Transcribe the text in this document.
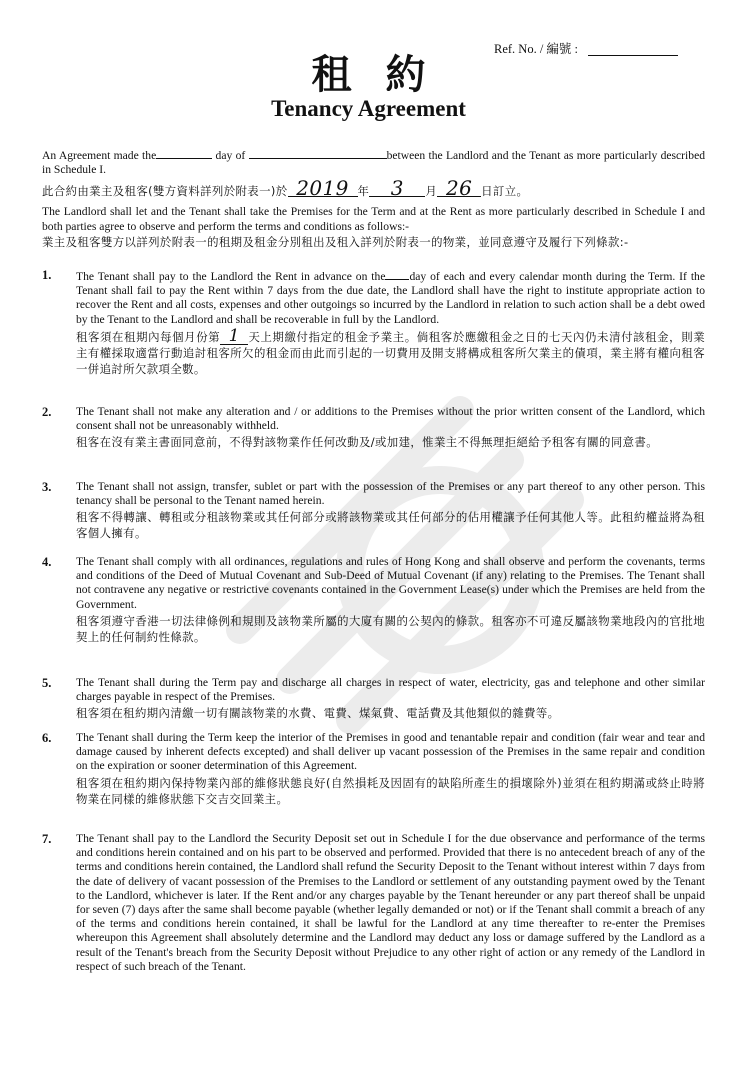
Ref. No. / 編號 :
租約
Tenancy Agreement

An Agreement made the	day of	between the Landlord and the Tenant as more particularly described in Schedule I.

此合約由業主及租客(雙方資料詳列於附表一)於 2019 年 3 月 26 日訂立。

The Landlord shall let and the Tenant shall take the Premises for the Term and at the Rent as more particularly described in Schedule I and both parties agree to observe and perform the terms and conditions as follows:-

業主及租客雙方以詳列於附表一的租期及租金分別租出及租入詳列於附表一的物業，並同意遵守及履行下列條款:-

1. The Tenant shall pay to the Landlord the Rent in advance on the day of each and every calendar month during the Term. If the Tenant shall fail to pay the Rent within 7 days from the due date, the Landlord shall have the right to institute appropriate action to recover the Rent and all costs, expenses and other outgoings so incurred by the Landlord in relation to such action shall be a debt owed by the Tenant to the Landlord and shall be recoverable in full by the Landlord.

租客須在租期內每個月份第 1 天上期繳付指定的租金予業主。倘租客於應繳租金之日的七天內仍未清付該租金，則業主有權採取適當行動追討租客所欠的租金而由此而引起的一切費用及開支將構成租客所欠業主的債項，業主將有權向租客一併追討所欠款項全數。

2. The Tenant shall not make any alteration and / or additions to the Premises without the prior written consent of the Landlord, which consent shall not be unreasonably withheld.

租客在沒有業主書面同意前，不得對該物業作任何改動及/或加建，惟業主不得無理拒絕給予租客有關的同意書。

3. The Tenant shall not assign, transfer, sublet or part with the possession of the Premises or any part thereof to any other person. This tenancy shall be personal to the Tenant named herein.

租客不得轉讓、轉租或分租該物業或其任何部分或將該物業或其任何部分的佔用權讓予任何其他人等。此租約權益將為租客個人擁有。

4. The Tenant shall comply with all ordinances, regulations and rules of Hong Kong and shall observe and perform the covenants, terms and conditions of the Deed of Mutual Covenant and Sub-Deed of Mutual Covenant (if any) relating to the Premises. The Tenant shall not contravene any negative or restrictive covenants contained in the Government Lease(s) under which the Premises are held from the Government.

租客須遵守香港一切法律條例和規則及該物業所屬的大廈有關的公契內的條款。租客亦不可違反屬該物業地段內的官批地契上的任何制約性條款。

5. The Tenant shall during the Term pay and discharge all charges in respect of water, electricity, gas and telephone and other similar charges payable in respect of the Premises.

租客須在租約期內清繳一切有關該物業的水費、電費、煤氣費、電話費及其他類似的雜費等。

6. The Tenant shall during the Term keep the interior of the Premises in good and tenantable repair and condition (fair wear and tear and damage caused by inherent defects excepted) and shall deliver up vacant possession of the Premises in the same repair and condition on the expiration or sooner determination of this Agreement.

租客須在租約期內保持物業內部的維修狀態良好(自然損耗及因固有的缺陷所產生的損壞除外)並須在租約期滿或終止時將物業在同樣的維修狀態下交吉交回業主。

7. The Tenant shall pay to the Landlord the Security Deposit set out in Schedule I for the due observance and performance of the terms and conditions herein contained and on his part to be observed and performed. Provided that there is no antecedent breach of any of the terms and conditions herein contained, the Landlord shall refund the Security Deposit to the Tenant without interest within 7 days from the date of delivery of vacant possession of the Premises to the Landlord or settlement of any outstanding payment owed by the Tenant to the Landlord, whichever is later. If the Rent and/or any charges payable by the Tenant hereunder or any part thereof shall be unpaid for seven (7) days after the same shall become payable (whether legally demanded or not) or if the Tenant shall commit a breach of any of the terms and conditions herein contained, it shall be lawful for the Landlord at any time thereafter to re-enter the Premises whereupon this Agreement shall absolutely determine and the Landlord may deduct any loss or damage suffered by the Landlord as a result of the Tenant's breach from the Security Deposit without Prejudice to any other right of action or any remedy of the Landlord in respect of such breach of the Tenant.
